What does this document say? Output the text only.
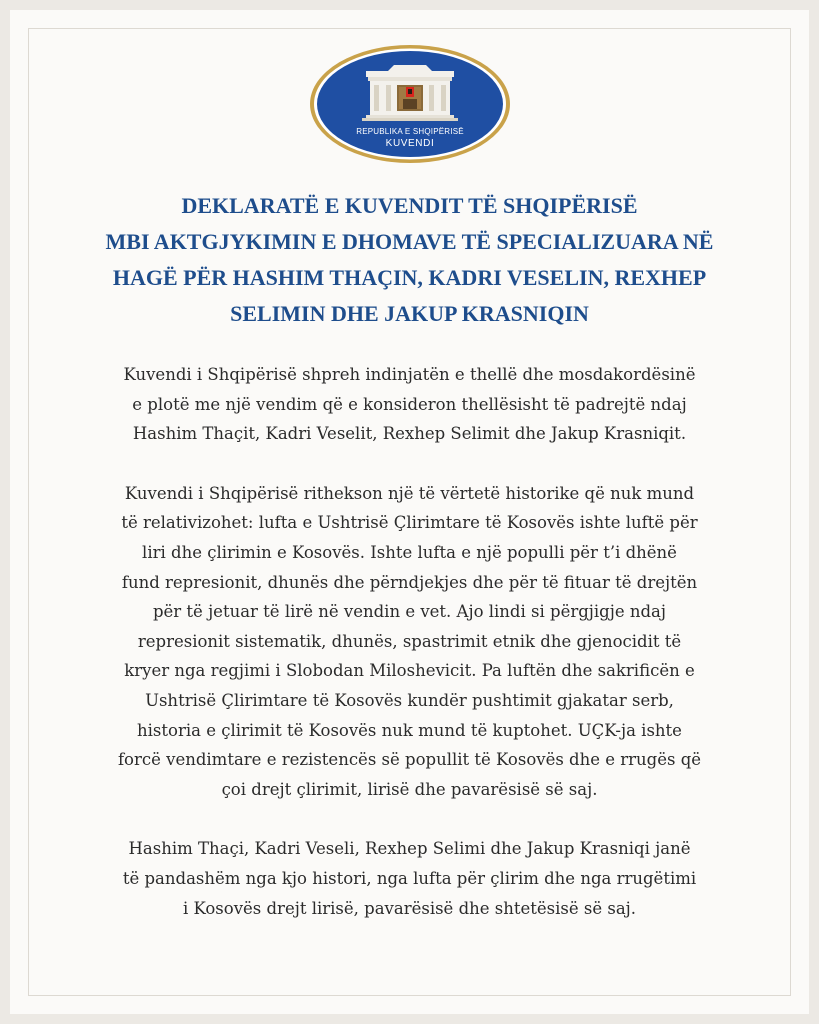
REPUBLIKA E SHQIPËRISË
KUVENDI
DEKLARATË E KUVENDIT TË SHQIPËRISË
MBI AKTGJYKIMIN E DHOMAVE TË SPECIALIZUARA NË
HAGË PËR HASHIM THAÇIN, KADRI VESELIN, REXHEP
SELIMIN DHE JAKUP KRASNIQIN

Kuvendi i Shqipërisë shpreh indinjatën e thellë dhe mosdakordësinë
e plotë me një vendim që e konsideron thellësisht të padrejtë ndaj
Hashim Thaçit, Kadri Veselit, Rexhep Selimit dhe Jakup Krasniqit.

Kuvendi i Shqipërisë rithekson një të vërtetë historike që nuk mund
të relativizohet: lufta e Ushtrisë Çlirimtare të Kosovës ishte luftë për
liri dhe çlirimin e Kosovës. Ishte lufta e një populli për t’i dhënë
fund represionit, dhunës dhe përndjekjes dhe për të fituar të drejtën
për të jetuar të lirë në vendin e vet. Ajo lindi si përgjigje ndaj
represionit sistematik, dhunës, spastrimit etnik dhe gjenocidit të
kryer nga regjimi i Slobodan Miloshevicit. Pa luftën dhe sakrificën e
Ushtrisë Çlirimtare të Kosovës kundër pushtimit gjakatar serb,
historia e çlirimit të Kosovës nuk mund të kuptohet. UÇK-ja ishte
forcë vendimtare e rezistencës së popullit të Kosovës dhe e rrugës që
çoi drejt çlirimit, lirisë dhe pavarësisë së saj.

Hashim Thaçi, Kadri Veseli, Rexhep Selimi dhe Jakup Krasniqi janë
të pandashëm nga kjo histori, nga lufta për çlirim dhe nga rrugëtimi
i Kosovës drejt lirisë, pavarësisë dhe shtetësisë së saj.
